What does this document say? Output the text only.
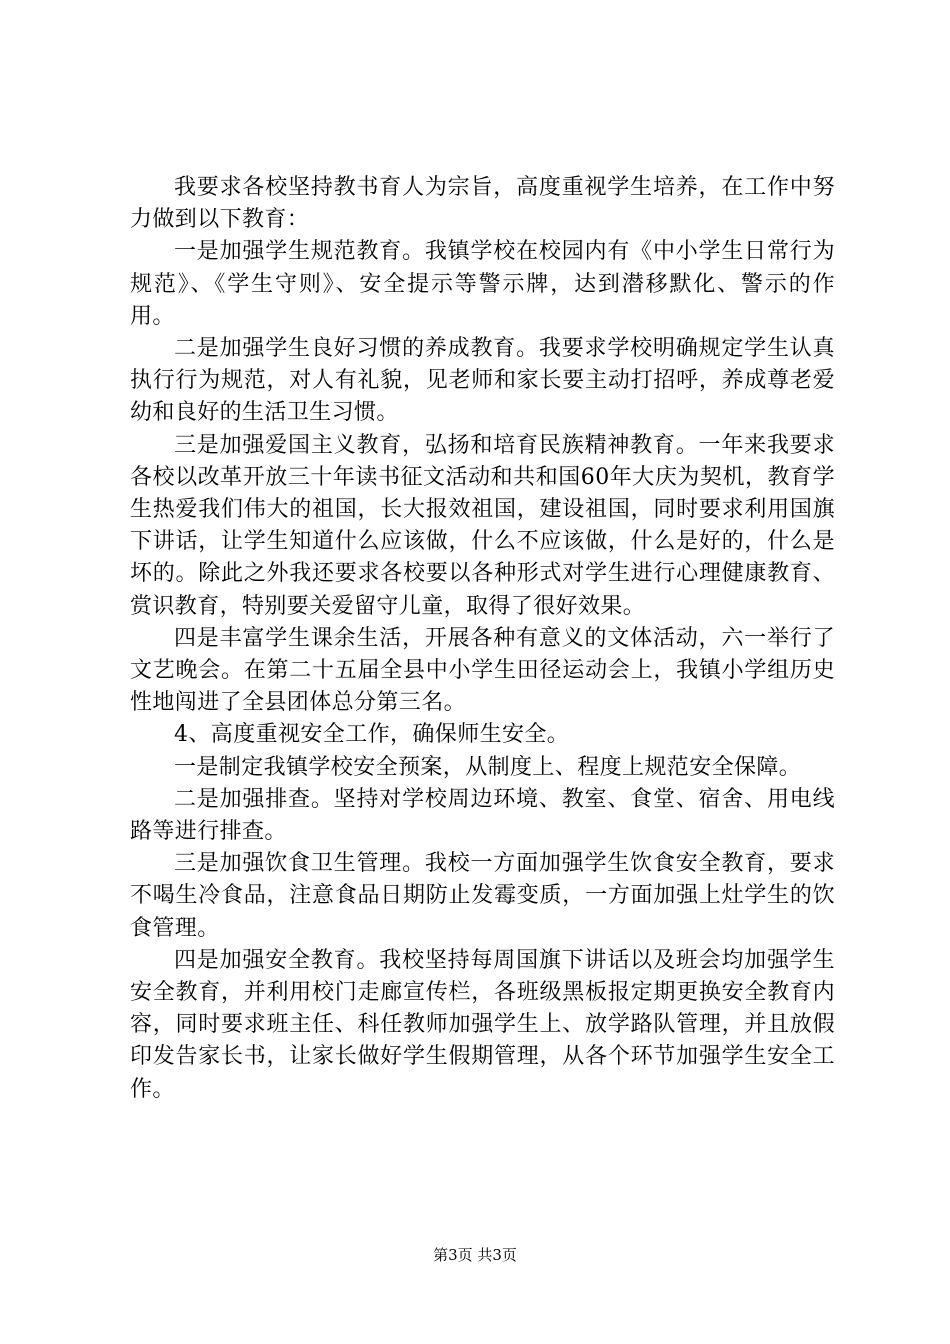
我要求各校坚持教书育人为宗旨，高度重视学生培养，在工作中努力做到以下教育：

一是加强学生规范教育。我镇学校在校园内有《中小学生日常行为规范》、《学生守则》、安全提示等警示牌，达到潜移默化、警示的作用。

二是加强学生良好习惯的养成教育。我要求学校明确规定学生认真执行行为规范，对人有礼貌，见老师和家长要主动打招呼，养成尊老爱幼和良好的生活卫生习惯。

三是加强爱国主义教育，弘扬和培育民族精神教育。一年来我要求各校以改革开放三十年读书征文活动和共和国60年大庆为契机，教育学生热爱我们伟大的祖国，长大报效祖国，建设祖国，同时要求利用国旗下讲话，让学生知道什么应该做，什么不应该做，什么是好的，什么是坏的。除此之外我还要求各校要以各种形式对学生进行心理健康教育、赏识教育，特别要关爱留守儿童，取得了很好效果。

四是丰富学生课余生活，开展各种有意义的文体活动，六一举行了文艺晚会。在第二十五届全县中小学生田径运动会上，我镇小学组历史性地闯进了全县团体总分第三名。

4、高度重视安全工作，确保师生安全。

一是制定我镇学校安全预案，从制度上、程度上规范安全保障。

二是加强排查。坚持对学校周边环境、教室、食堂、宿舍、用电线路等进行排查。

三是加强饮食卫生管理。我校一方面加强学生饮食安全教育，要求不喝生冷食品，注意食品日期防止发霉变质，一方面加强上灶学生的饮食管理。

四是加强安全教育。我校坚持每周国旗下讲话以及班会均加强学生安全教育，并利用校门走廊宣传栏，各班级黑板报定期更换安全教育内容，同时要求班主任、科任教师加强学生上、放学路队管理，并且放假印发告家长书，让家长做好学生假期管理，从各个环节加强学生安全工作。

第3页 共3页
